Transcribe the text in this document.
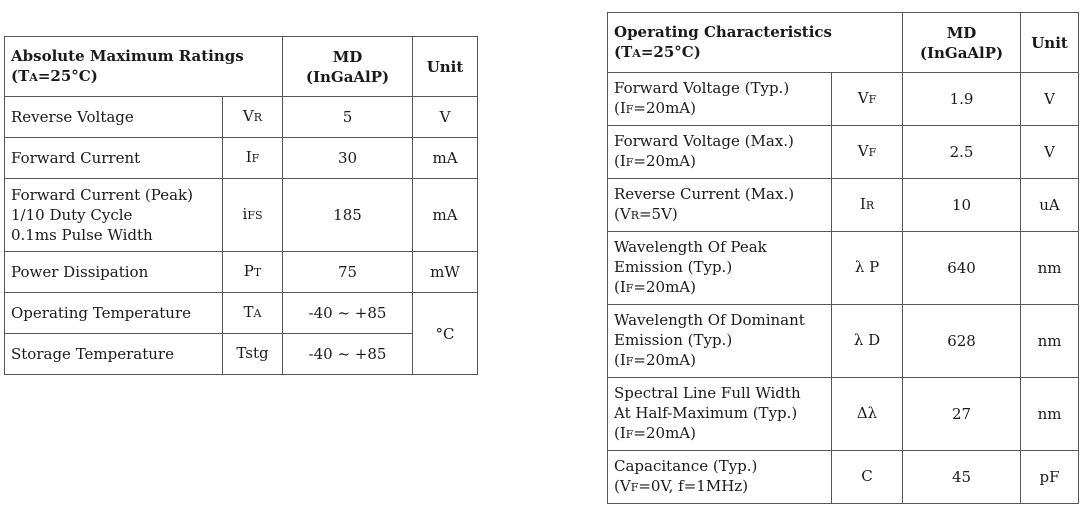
Absolute Maximum Ratings
(TA=25°C)		MD
(InGaAlP)	Unit

Reverse Voltage	VR	5	V

Forward Current	IF	30	mA

Forward Current (Peak)
1/10 Duty Cycle
0.1ms Pulse Width	iFS	185	mA

Power Dissipation	PT	75	mW

Operating Temperature	TA	-40 ~ +85	°C

Storage Temperature	Tstg	-40 ~ +85	
Operating Characteristics
(TA=25°C)		MD
(InGaAlP)	Unit

Forward Voltage (Typ.)
(IF=20mA)	VF	1.9	V

Forward Voltage (Max.)
(IF=20mA)	VF	2.5	V

Reverse Current (Max.)
(VR=5V)	IR	10	uA

Wavelength Of Peak
Emission (Typ.)
(IF=20mA)	λ P	640	nm

Wavelength Of Dominant
Emission (Typ.)
(IF=20mA)	λ D	628	nm

Spectral Line Full Width
At Half-Maximum (Typ.)
(IF=20mA)	Δλ	27	nm

Capacitance (Typ.)
(VF=0V, f=1MHz)	C	45	pF
